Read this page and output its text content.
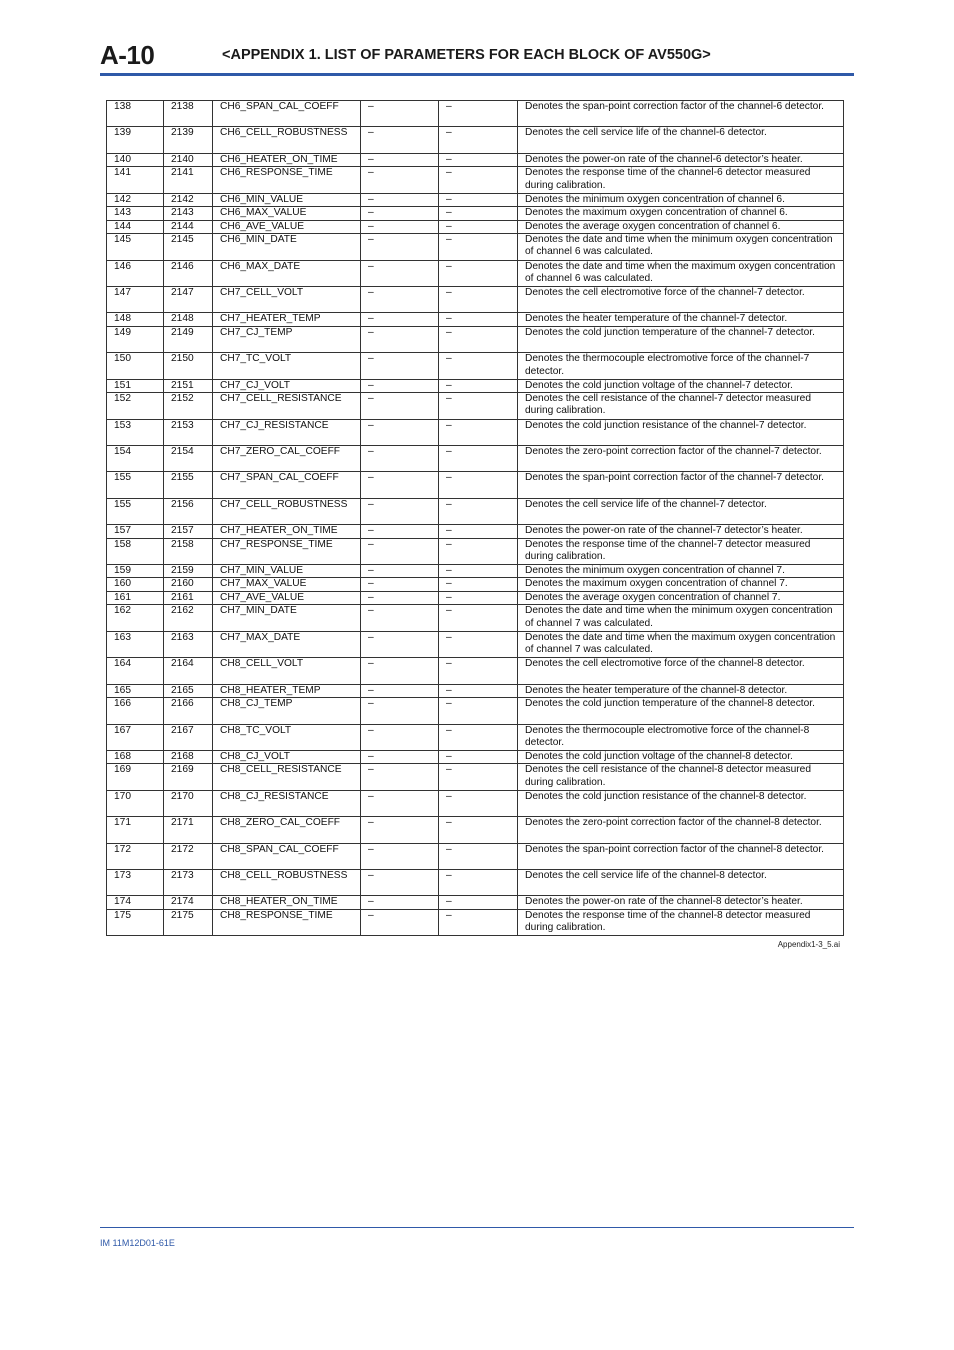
A-10	<APPENDIX 1. LIST OF PARAMETERS FOR EACH BLOCK OF AV550G>
138	2138	CH6_SPAN_CAL_COEFF	–	–	Denotes the span-point correction factor of the channel-6 detector.
139	2139	CH6_CELL_ROBUSTNESS	–	–	Denotes the cell service life of the channel-6 detector.
140	2140	CH6_HEATER_ON_TIME	–	–	Denotes the power-on rate of the channel-6 detector’s heater.
141	2141	CH6_RESPONSE_TIME	–	–	Denotes the response time of the channel-6 detector measured during calibration.
142	2142	CH6_MIN_VALUE	–	–	Denotes the minimum oxygen concentration of channel 6.
143	2143	CH6_MAX_VALUE	–	–	Denotes the maximum oxygen concentration of channel 6.
144	2144	CH6_AVE_VALUE	–	–	Denotes the average oxygen concentration of channel 6.
145	2145	CH6_MIN_DATE	–	–	Denotes the date and time when the minimum oxygen concentration of channel 6 was calculated.
146	2146	CH6_MAX_DATE	–	–	Denotes the date and time when the maximum oxygen concentration of channel 6 was calculated.
147	2147	CH7_CELL_VOLT	–	–	Denotes the cell electromotive force of the channel-7 detector.
148	2148	CH7_HEATER_TEMP	–	–	Denotes the heater temperature of the channel-7 detector.
149	2149	CH7_CJ_TEMP	–	–	Denotes the cold junction temperature of the channel-7 detector.
150	2150	CH7_TC_VOLT	–	–	Denotes the thermocouple electromotive force of the channel-7 detector.
151	2151	CH7_CJ_VOLT	–	–	Denotes the cold junction voltage of the channel-7 detector.
152	2152	CH7_CELL_RESISTANCE	–	–	Denotes the cell resistance of the channel-7 detector measured during calibration.
153	2153	CH7_CJ_RESISTANCE	–	–	Denotes the cold junction resistance of the channel-7 detector.
154	2154	CH7_ZERO_CAL_COEFF	–	–	Denotes the zero-point correction factor of the channel-7 detector.
155	2155	CH7_SPAN_CAL_COEFF	–	–	Denotes the span-point correction factor of the channel-7 detector.
155	2156	CH7_CELL_ROBUSTNESS	–	–	Denotes the cell service life of the channel-7 detector.
157	2157	CH7_HEATER_ON_TIME	–	–	Denotes the power-on rate of the channel-7 detector’s heater.
158	2158	CH7_RESPONSE_TIME	–	–	Denotes the response time of the channel-7 detector measured during calibration.
159	2159	CH7_MIN_VALUE	–	–	Denotes the minimum oxygen concentration of channel 7.
160	2160	CH7_MAX_VALUE	–	–	Denotes the maximum oxygen concentration of channel 7.
161	2161	CH7_AVE_VALUE	–	–	Denotes the average oxygen concentration of channel 7.
162	2162	CH7_MIN_DATE	–	–	Denotes the date and time when the minimum oxygen concentration of channel 7 was calculated.
163	2163	CH7_MAX_DATE	–	–	Denotes the date and time when the maximum oxygen concentration of channel 7 was calculated.
164	2164	CH8_CELL_VOLT	–	–	Denotes the cell electromotive force of the channel-8 detector.
165	2165	CH8_HEATER_TEMP	–	–	Denotes the heater temperature of the channel-8 detector.
166	2166	CH8_CJ_TEMP	–	–	Denotes the cold junction temperature of the channel-8 detector.
167	2167	CH8_TC_VOLT	–	–	Denotes the thermocouple electromotive force of the channel-8 detector.
168	2168	CH8_CJ_VOLT	–	–	Denotes the cold junction voltage of the channel-8 detector.
169	2169	CH8_CELL_RESISTANCE	–	–	Denotes the cell resistance of the channel-8 detector measured during calibration.
170	2170	CH8_CJ_RESISTANCE	–	–	Denotes the cold junction resistance of the channel-8 detector.
171	2171	CH8_ZERO_CAL_COEFF	–	–	Denotes the zero-point correction factor of the channel-8 detector.
172	2172	CH8_SPAN_CAL_COEFF	–	–	Denotes the span-point correction factor of the channel-8 detector.
173	2173	CH8_CELL_ROBUSTNESS	–	–	Denotes the cell service life of the channel-8 detector.
174	2174	CH8_HEATER_ON_TIME	–	–	Denotes the power-on rate of the channel-8 detector’s heater.
175	2175	CH8_RESPONSE_TIME	–	–	Denotes the response time of the channel-8 detector measured during calibration.
Appendix1-3_5.ai
IM 11M12D01-61E
